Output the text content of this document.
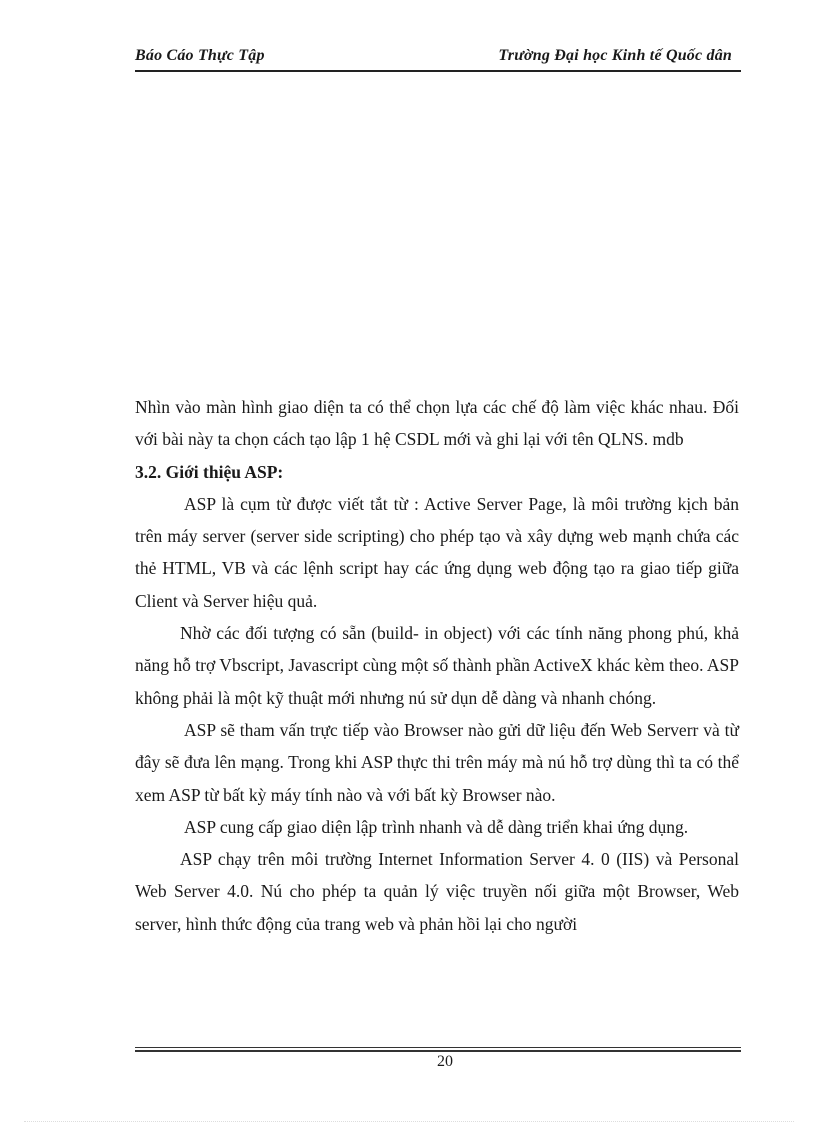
Báo Cáo Thực Tập	Trường Đại học Kinh tế Quốc dân

Nhìn vào màn hình giao diện ta có thể chọn lựa các chế độ làm việc khác nhau. Đối với bài này ta chọn cách tạo lập 1 hệ CSDL mới và ghi lại với tên QLNS. mdb

3.2. Giới thiệu ASP:

ASP là cụm từ được viết tắt từ : Active Server Page, là môi trường kịch bản trên máy server (server side scripting) cho phép tạo và xây dựng web mạnh chứa các thẻ HTML, VB và các lệnh script hay các ứng dụng web động tạo ra giao tiếp giữa Client và Server hiệu quả.

Nhờ các đối tượng có sẵn (build- in object) với các tính năng phong phú, khả năng hỗ trợ Vbscript, Javascript cùng một số thành phần ActiveX khác kèm theo. ASP không phải là một kỹ thuật mới nhưng nú sử dụn dễ dàng và nhanh chóng.

ASP sẽ tham vấn trực tiếp vào Browser nào gửi dữ liệu đến Web Serverr và từ đây sẽ đưa lên mạng. Trong khi ASP thực thi trên máy mà nú hỗ trợ dùng thì ta có thể xem ASP từ bất kỳ máy tính nào và với bất kỳ Browser nào.

ASP cung cấp giao diện lập trình nhanh và dễ dàng triển khai ứng dụng.

ASP chạy trên môi trường Internet Information Server 4. 0 (IIS) và Personal Web Server 4.0. Nú cho phép ta quản lý việc truyền nối giữa một Browser, Web server, hình thức động của trang web và phản hồi lại cho người

20
